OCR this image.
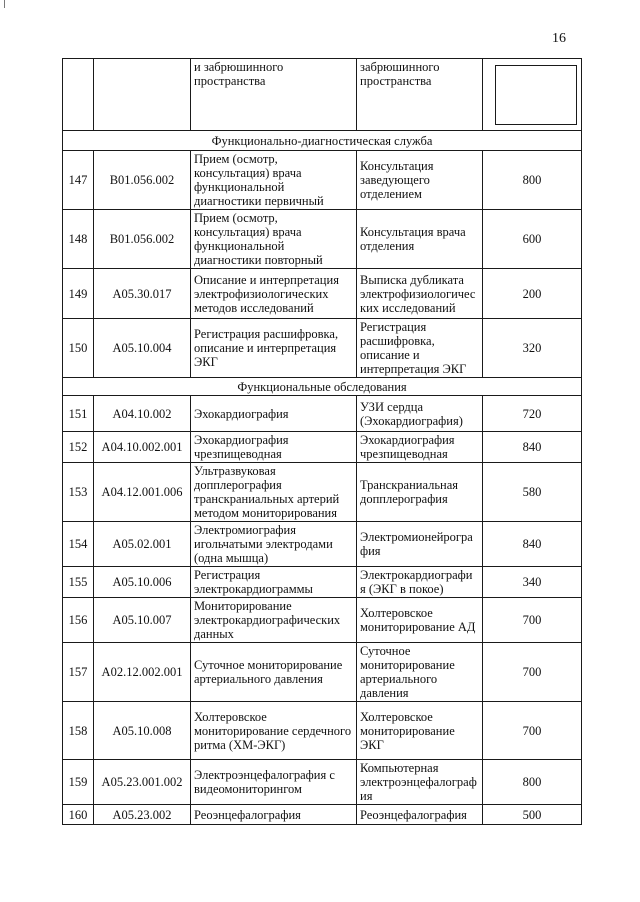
16
		и забрюшинного пространства	забрюшинного пространства	

Функционально-диагностическая служба				
147	B01.056.002	Прием (осмотр, консультация) врача функциональной диагностики первичный	Консультация заведующего отделением	800
148	B01.056.002	Прием (осмотр, консультация) врача функциональной диагностики повторный	Консультация врача отделения	600
149	A05.30.017	Описание и интерпретация электрофизиологических методов исследований	Выписка дубликата электрофизиологичес ких исследований	200
150	A05.10.004	Регистрация расшифровка, описание и интерпретация ЭКГ	Регистрация расшифровка, описание и интерпретация ЭКГ	320
Функциональные обследования				
151	A04.10.002	Эхокардиография	УЗИ сердца (Эхокардиография)	720
152	A04.10.002.001	Эхокардиография чрезпищеводная	Эхокардиография чрезпищеводная	840
153	A04.12.001.006	Ультразвуковая допплерография транскраниальных артерий методом мониторирования	Транскраниальная допплерография	580
154	A05.02.001	Электромиография игольчатыми электродами (одна мышца)	Электромионейрогра фия	840
155	A05.10.006	Регистрация электрокардиограммы	Электрокардиографи я (ЭКГ в покое)	340
156	A05.10.007	Мониторирование электрокардиографических данных	Холтеровское мониторирование АД	700
157	A02.12.002.001	Суточное мониторирование артериального давления	Суточное мониторирование артериального давления	700
158	A05.10.008	Холтеровское мониторирование сердечного ритма (ХМ-ЭКГ)	Холтеровское мониторирование ЭКГ	700
159	A05.23.001.002	Электроэнцефалография с видеомониторингом	Компьютерная электроэнцефалограф ия	800
160	A05.23.002	Реоэнцефалография	Реоэнцефалография	500
